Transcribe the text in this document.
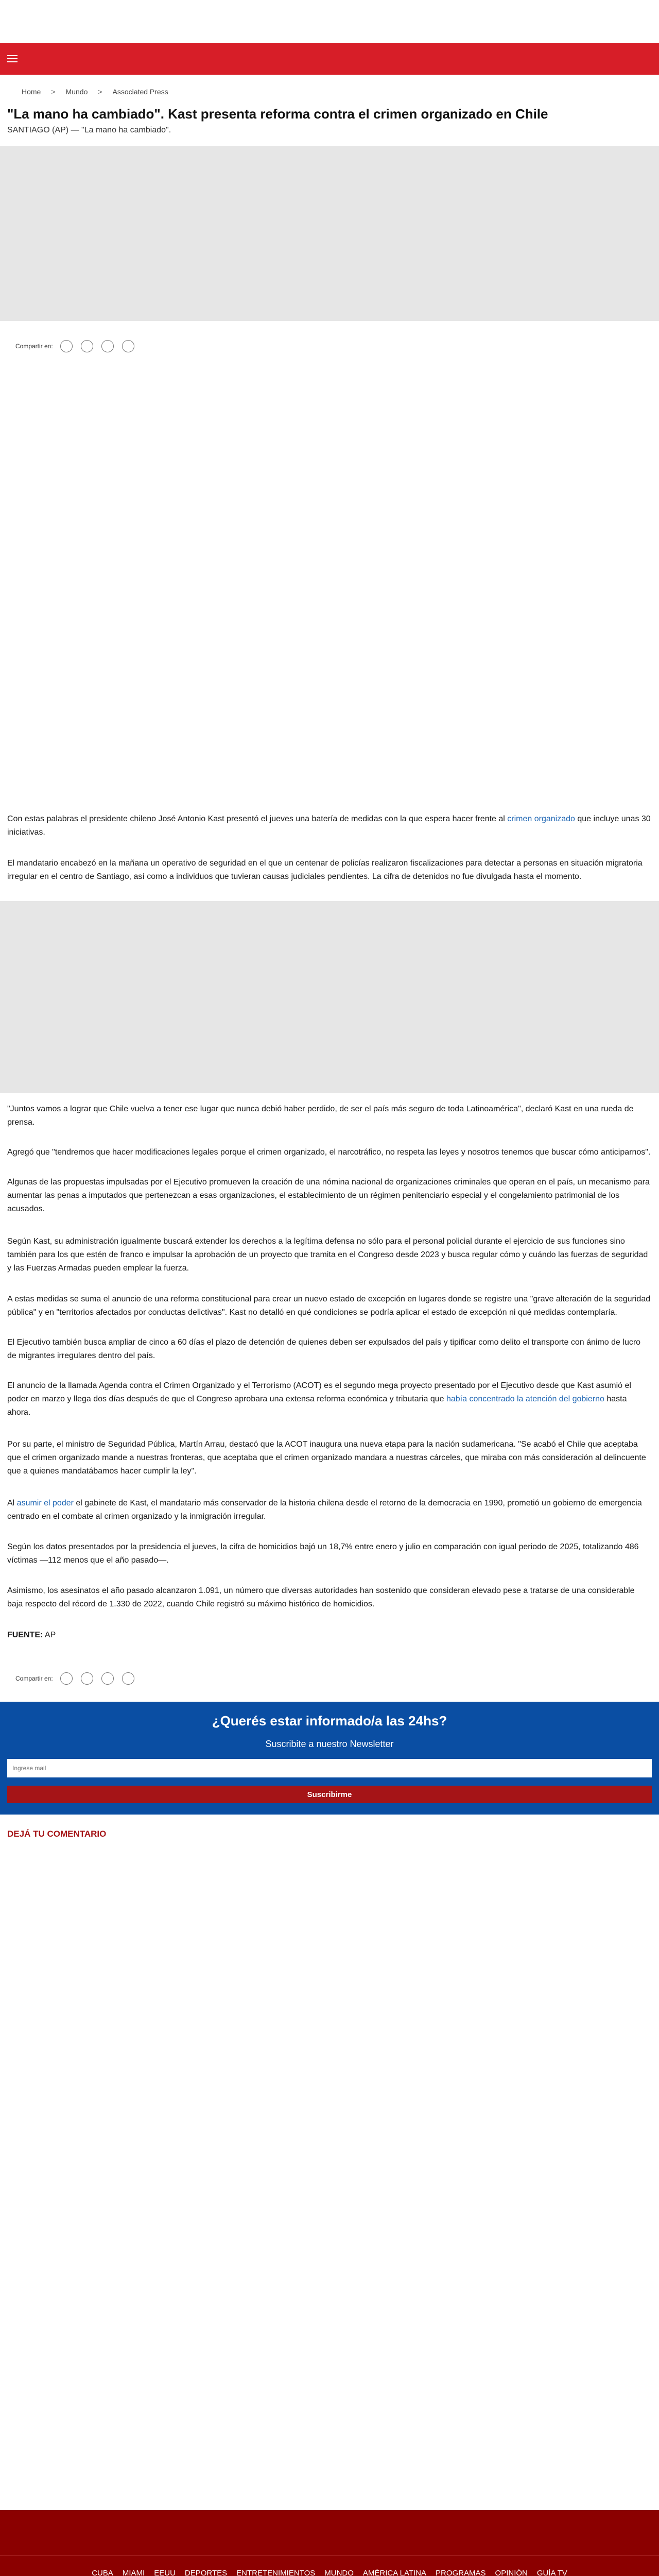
Home > Mundo > Associated Press
"La mano ha cambiado". Kast presenta reforma contra el crimen organizado en Chile
SANTIAGO (AP) — "La mano ha cambiado".
Compartir en:

Con estas palabras el presidente chileno José Antonio Kast presentó el jueves una batería de medidas con la que espera hacer frente al crimen organizado que incluye unas 30 iniciativas.

El mandatario encabezó en la mañana un operativo de seguridad en el que un centenar de policías realizaron fiscalizaciones para detectar a personas en situación migratoria irregular en el centro de Santiago, así como a individuos que tuvieran causas judiciales pendientes. La cifra de detenidos no fue divulgada hasta el momento.

"Juntos vamos a lograr que Chile vuelva a tener ese lugar que nunca debió haber perdido, de ser el país más seguro de toda Latinoamérica", declaró Kast en una rueda de prensa.

Agregó que "tendremos que hacer modificaciones legales porque el crimen organizado, el narcotráfico, no respeta las leyes y nosotros tenemos que buscar cómo anticiparnos".

Algunas de las propuestas impulsadas por el Ejecutivo promueven la creación de una nómina nacional de organizaciones criminales que operan en el país, un mecanismo para aumentar las penas a imputados que pertenezcan a esas organizaciones, el establecimiento de un régimen penitenciario especial y el congelamiento patrimonial de los acusados.

Según Kast, su administración igualmente buscará extender los derechos a la legítima defensa no sólo para el personal policial durante el ejercicio de sus funciones sino también para los que estén de franco e impulsar la aprobación de un proyecto que tramita en el Congreso desde 2023 y busca regular cómo y cuándo las fuerzas de seguridad y las Fuerzas Armadas pueden emplear la fuerza.

A estas medidas se suma el anuncio de una reforma constitucional para crear un nuevo estado de excepción en lugares donde se registre una "grave alteración de la seguridad pública" y en "territorios afectados por conductas delictivas". Kast no detalló en qué condiciones se podría aplicar el estado de excepción ni qué medidas contemplaría.

El Ejecutivo también busca ampliar de cinco a 60 días el plazo de detención de quienes deben ser expulsados del país y tipificar como delito el transporte con ánimo de lucro de migrantes irregulares dentro del país.

El anuncio de la llamada Agenda contra el Crimen Organizado y el Terrorismo (ACOT) es el segundo mega proyecto presentado por el Ejecutivo desde que Kast asumió el poder en marzo y llega dos días después de que el Congreso aprobara una extensa reforma económica y tributaria que había concentrado la atención del gobierno hasta ahora.

Por su parte, el ministro de Seguridad Pública, Martín Arrau, destacó que la ACOT inaugura una nueva etapa para la nación sudamericana. "Se acabó el Chile que aceptaba que el crimen organizado mande a nuestras fronteras, que aceptaba que el crimen organizado mandara a nuestras cárceles, que miraba con más consideración al delincuente que a quienes mandatábamos hacer cumplir la ley".

Al asumir el poder el gabinete de Kast, el mandatario más conservador de la historia chilena desde el retorno de la democracia en 1990, prometió un gobierno de emergencia centrado en el combate al crimen organizado y la inmigración irregular.

Según los datos presentados por la presidencia el jueves, la cifra de homicidios bajó un 18,7% entre enero y julio en comparación con igual periodo de 2025, totalizando 486 víctimas —112 menos que el año pasado—.

Asimismo, los asesinatos el año pasado alcanzaron 1.091, un número que diversas autoridades han sostenido que consideran elevado pese a tratarse de una considerable baja respecto del récord de 1.330 de 2022, cuando Chile registró su máximo histórico de homicidios.

FUENTE: AP
Compartir en:
¿Querés estar informado/a las 24hs?
Suscribite a nuestro Newsletter
Ingrese mail
Suscribirme
DEJÁ TU COMENTARIO
CUBA MIAMI EEUU DEPORTES ENTRETENIMIENTOS MUNDO AMÉRICA LATINA PROGRAMAS OPINIÓN GUÍA TV
